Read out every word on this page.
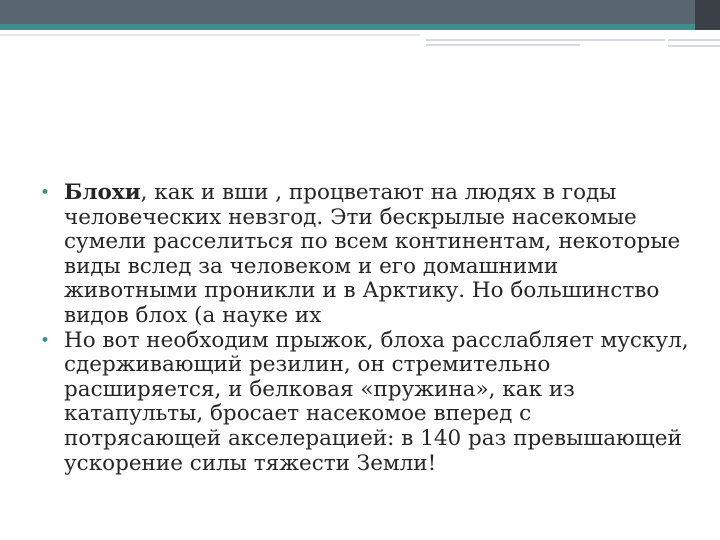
• Блохи, как и вши , процветают на людях в годы человеческих невзгод. Эти бескрылые насекомые сумели расселиться по всем континентам, некоторые виды вслед за человеком и его домашними животными проникли и в Арктику. Но большинство видов блох (а науке их
• Но вот необходим прыжок, блоха расслабляет мускул, сдерживающий резилин, он стремительно расширяется, и белковая «пружина», как из катапульты, бросает насекомое вперед с потрясающей акселерацией: в 140 раз превышающей ускорение силы тяжести Земли!
